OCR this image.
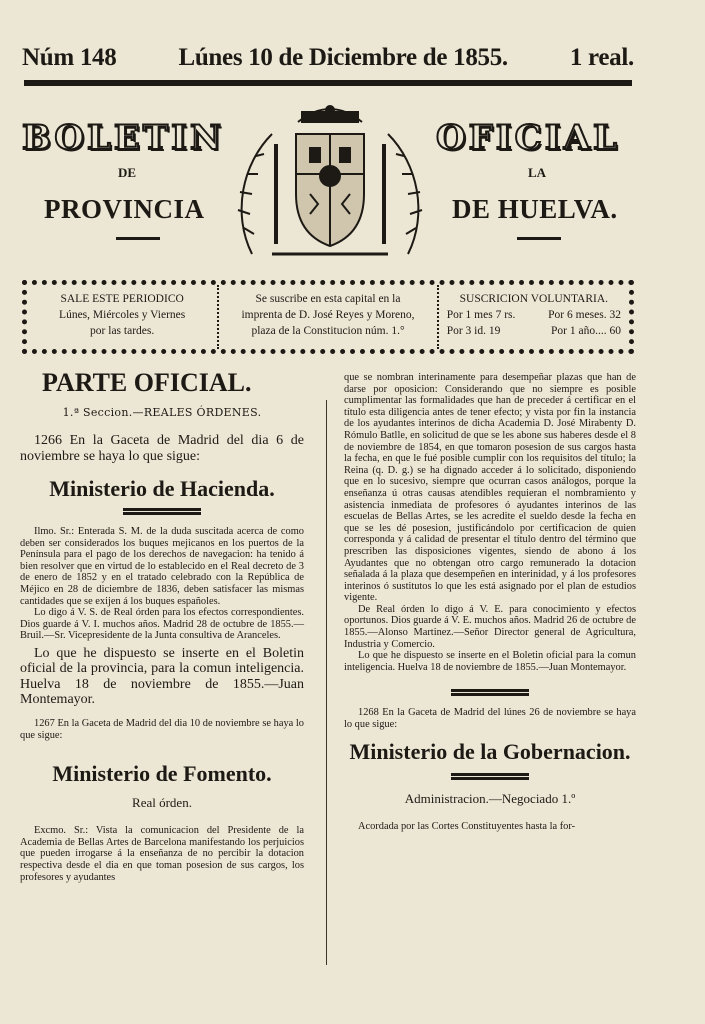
Núm 148 Lúnes 10 de Diciembre de 1855. 1 real.
BOLETIN	OFICIAL
DE	LA
PROVINCIA	DE HUELVA.
SALE ESTE PERIODICO
Lúnes, Miércoles y Viernes
por las tardes.
Se suscribe en esta capital en la
imprenta de D. José Reyes y Moreno,
plaza de la Constitucion núm. 1.°
SUSCRICION VOLUNTARIA.
Por 1 mes 7 rs.	Por 6 meses. 32
Por 3 id. 19	Por 1 año.... 60
PARTE OFICIAL.
1.ª Seccion.—REALES ÓRDENES.

1266 En la Gaceta de Madrid del dia 6 de noviembre se haya lo que sigue:

Ministerio de Hacienda.

Ilmo. Sr.: Enterada S. M. de la duda suscitada acerca de como deben ser considerados los buques mejicanos en los puertos de la Península para el pago de los derechos de navegacion: ha tenido á bien resolver que en virtud de lo establecido en el Real decreto de 3 de enero de 1852 y en el tratado celebrado con la República de Méjico en 28 de diciembre de 1836, deben satisfacer las mismas cantidades que se exijen á los buques españoles.

Lo digo á V. S. de Real órden para los efectos correspondientes. Dios guarde á V. I. muchos años. Madrid 28 de octubre de 1855.—Bruil.—Sr. Vicepresidente de la Junta consultiva de Aranceles.

Lo que he dispuesto se inserte en el Boletin oficial de la provincia, para la comun inteligencia. Huelva 18 de noviembre de 1855.—Juan Montemayor.

1267 En la Gaceta de Madrid del dia 10 de noviembre se haya lo que sigue:

Ministerio de Fomento.
Real órden.

Excmo. Sr.: Vista la comunicacion del Presidente de la Academia de Bellas Artes de Barcelona manifestando los perjuicios que pueden irrogarse á la enseñanza de no percibir la dotacion respectiva desde el dia en que toman posesion de sus cargos, los profesores y ayudantes

que se nombran interinamente para desempeñar plazas que han de darse por oposicion: Considerando que no siempre es posible cumplimentar las formalidades que han de preceder á certificar en el título esta diligencia antes de tener efecto; y vista por fin la instancia de los ayudantes interinos de dicha Academia D. José Mirabenty D. Rómulo Batlle, en solicitud de que se les abone sus haberes desde el 8 de noviembre de 1854, en que tomaron posesion de sus cargos hasta la fecha, en que le fué posible cumplir con los requisitos del título; la Reina (q. D. g.) se ha dignado acceder á lo solicitado, disponiendo que en lo sucesivo, siempre que ocurran casos análogos, porque la enseñanza ú otras causas atendibles requieran el nombramiento y asistencia inmediata de profesores ó ayudantes interinos de las escuelas de Bellas Artes, se les acredite el sueldo desde la fecha en que se les dé posesion, justificándolo por certificacion de quien corresponda y á calidad de presentar el título dentro del término que prescriben las disposiciones vigentes, siendo de abono á los Ayudantes que no obtengan otro cargo remunerado la dotacion señalada á la plaza que desempeñen en interinidad, y á los profesores interinos ó sustitutos lo que les está asignado por el plan de estudios vigente.

De Real órden lo digo á V. E. para conocimiento y efectos oportunos. Dios guarde á V. E. muchos años. Madrid 26 de octubre de 1855.—Alonso Martinez.—Señor Director general de Agricultura, Industria y Comercio.

Lo que he dispuesto se inserte en el Boletin oficial para la comun inteligencia. Huelva 18 de noviembre de 1855.—Juan Montemayor.

1268 En la Gaceta de Madrid del lúnes 26 de noviembre se haya lo que sigue:

Ministerio de la Gobernacion.
Administracion.—Negociado 1.º

Acordada por las Cortes Constituyentes hasta la for-
